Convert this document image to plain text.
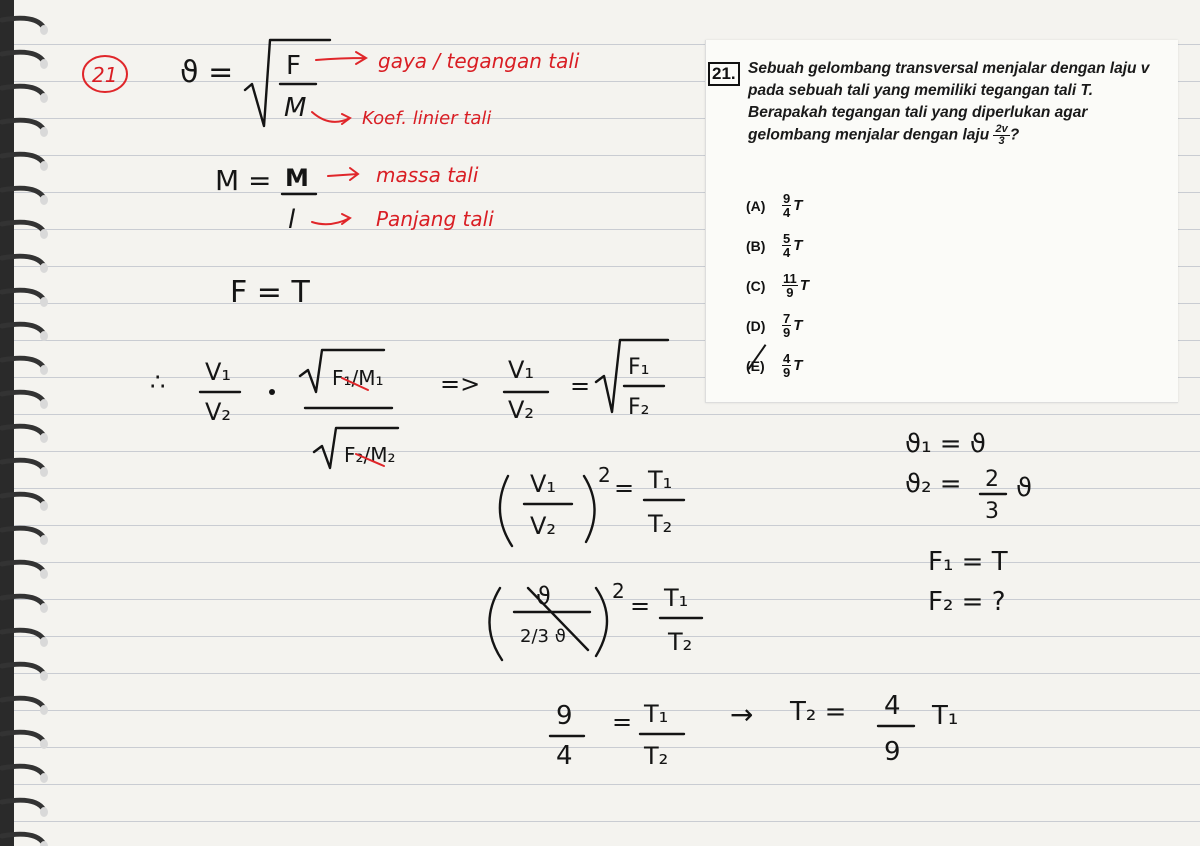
21 ϑ = F
M
gaya / tegangan tali
Koef. linier tali
M = M
l
massa tali
Panjang tali
F = T
∴ V₁
V₂
F₁/M₁
F₂/M₂
=> V₁
V₂
=
F₁
F₂
V₁
V₂
2 = T₁
T₂
ϑ
2/3 ϑ
2
= T₁
T₂
9
4
= T₁
T₂
→ T₂ = 4
9
T₁
ϑ₁ = ϑ
ϑ₂ = 2
3
ϑ
F₁ = T
F₂ = ?
21. Sebuah gelombang transversal menjalar dengan laju v pada sebuah tali yang memiliki tegangan tali T. Berapakah tegangan tali yang diperlukan agar gelombang menjalar dengan laju $\frac{2v}{3}$ ?
(A)	$\frac{9}{4}$ T
(B)	$\frac{5}{4}$ T
(C)	$\frac{11}{9}$ T
(D)	$\frac{7}{9}$ T
(E)	$\frac{4}{9}$ T
